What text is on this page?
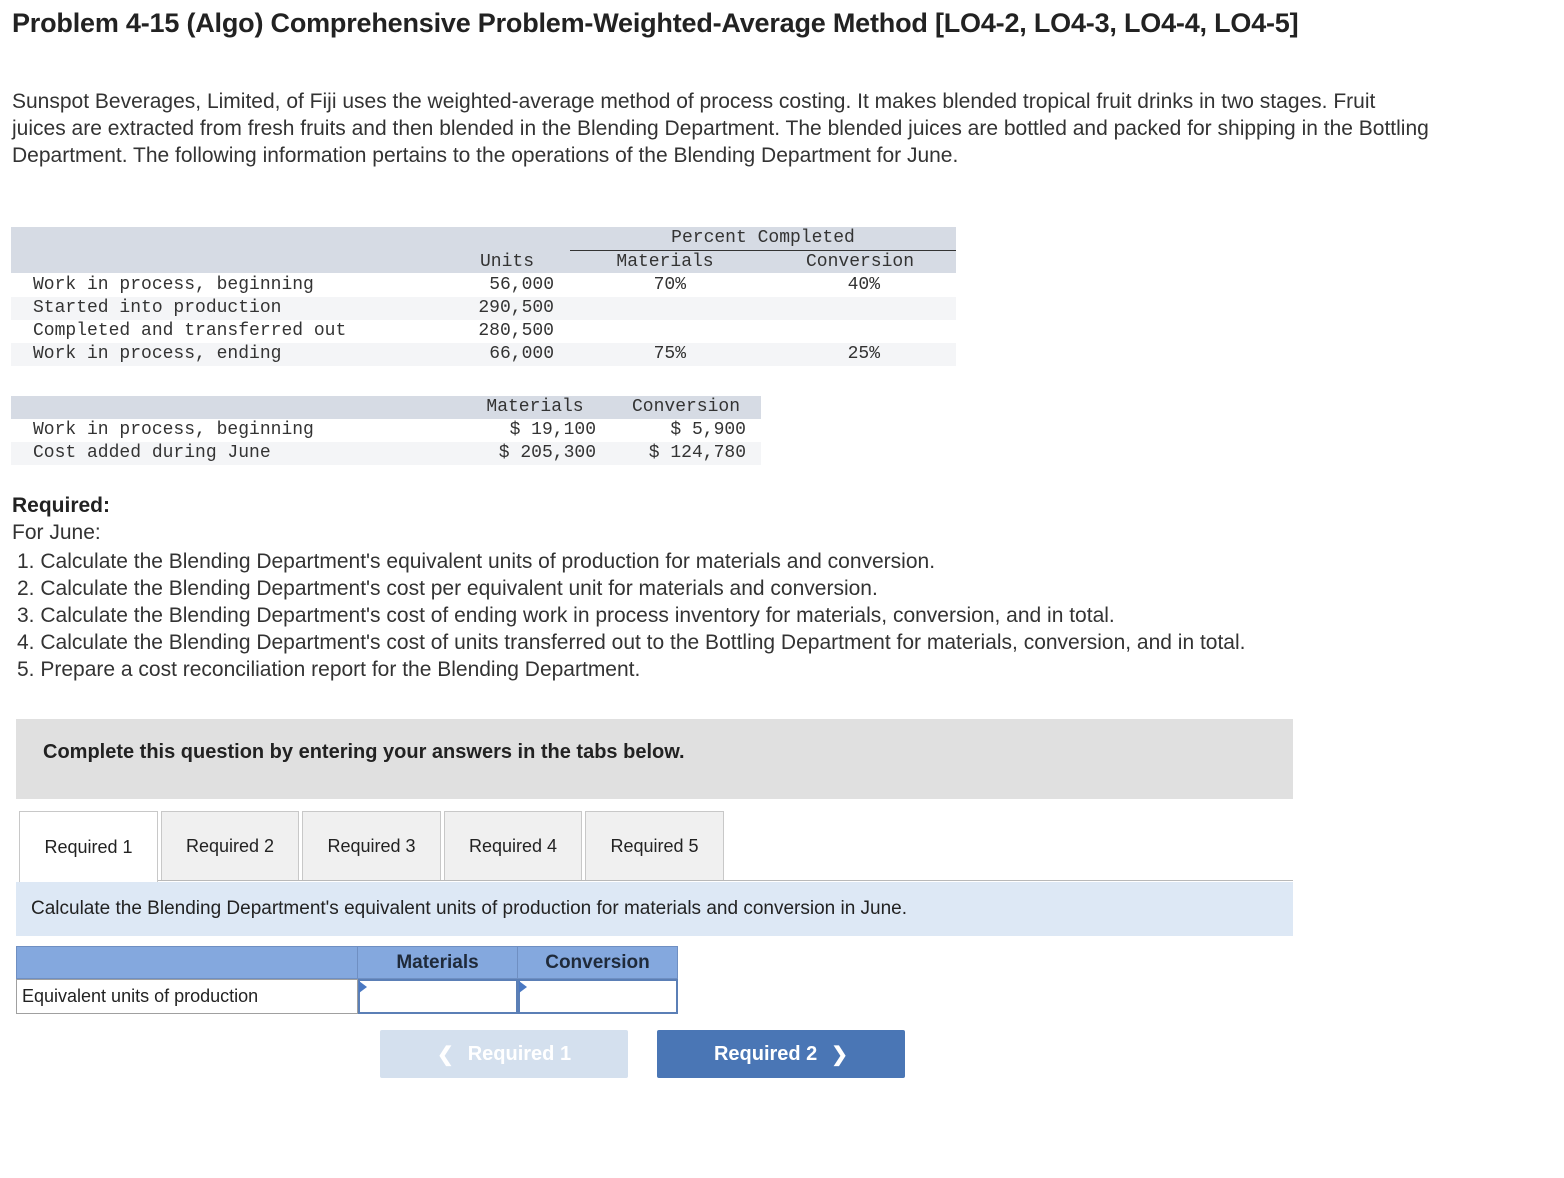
Problem 4-15 (Algo) Comprehensive Problem-Weighted-Average Method [LO4-2, LO4-3, LO4-4, LO4-5]

Sunspot Beverages, Limited, of Fiji uses the weighted-average method of process costing. It makes blended tropical fruit drinks in two stages. Fruit juices are extracted from fresh fruits and then blended in the Blending Department. The blended juices are bottled and packed for shipping in the Bottling Department. The following information pertains to the operations of the Blending Department for June.

Percent Completed
Units	Materials	Conversion
Work in process, beginning	56,000	70%	40%
Started into production	290,500
Completed and transferred out	280,500
Work in process, ending	66,000	75%	25%
Materials	Conversion
Work in process, beginning	$ 19,100	$ 5,900
Cost added during June	$ 205,300	$ 124,780
Required:
For June:
1. Calculate the Blending Department's equivalent units of production for materials and conversion.
2. Calculate the Blending Department's cost per equivalent unit for materials and conversion.
3. Calculate the Blending Department's cost of ending work in process inventory for materials, conversion, and in total.
4. Calculate the Blending Department's cost of units transferred out to the Bottling Department for materials, conversion, and in total.
5. Prepare a cost reconciliation report for the Blending Department.
Complete this question by entering your answers in the tabs below.
Required 1	Required 2	Required 3	Required 4	Required 5
Calculate the Blending Department's equivalent units of production for materials and conversion in June.
Materials	Conversion
Equivalent units of production
❮ Required 1	Required 2 ❯
